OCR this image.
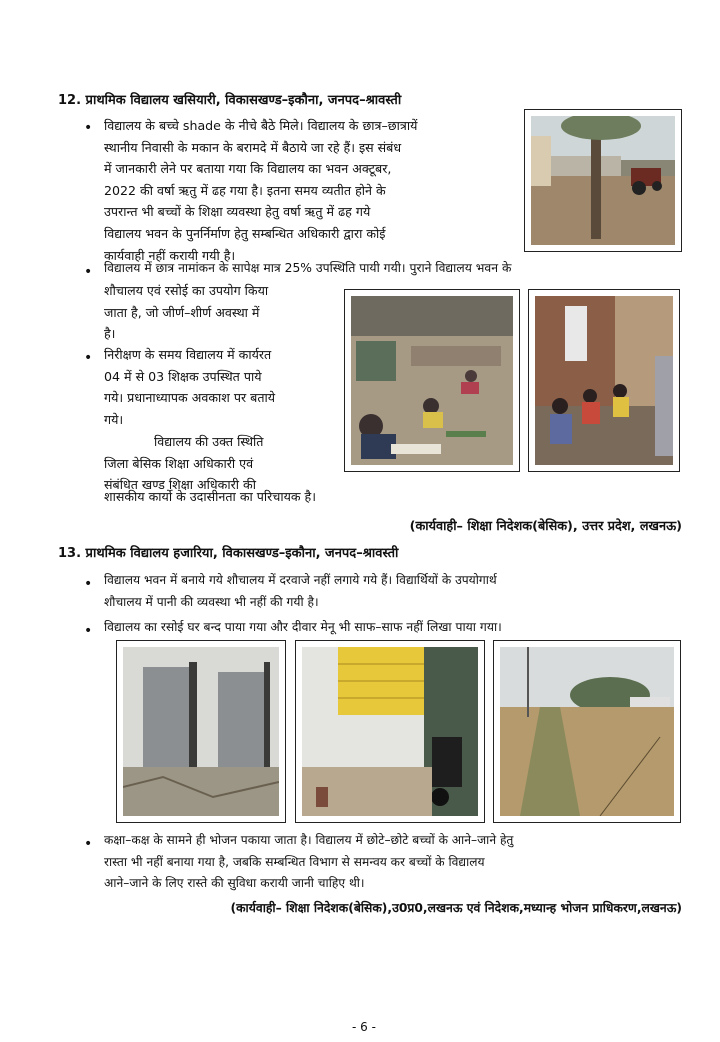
12. प्राथमिक विद्यालय खसियारी, विकासखण्ड–इकौना, जनपद–श्रावस्ती
• विद्यालय के बच्चे shade के नीचे बैठे मिले। विद्यालय के छात्र–छात्रायें
स्थानीय निवासी के मकान के बरामदे में बैठाये जा रहे हैं। इस संबंध
में जानकारी लेने पर बताया गया कि विद्यालय का भवन अक्टूबर,
2022 की वर्षा ऋतु में ढह गया है। इतना समय व्यतीत होने के
उपरान्त भी बच्चों के शिक्षा व्यवस्था हेतु वर्षा ऋतु में ढह गये
विद्यालय भवन के पुनर्निर्माण हेतु सम्बन्धित अधिकारी द्वारा कोई
कार्यवाही नहीं करायी गयी है।
• विद्यालय में छात्र नामांकन के सापेक्ष मात्र 25% उपस्थिति पायी गयी। पुराने विद्यालय भवन के
शौचालय एवं रसोई का उपयोग किया
जाता है, जो जीर्ण–शीर्ण अवस्था में
है।
• निरीक्षण के समय विद्यालय में कार्यरत
04 में से 03 शिक्षक उपस्थित पाये
गये। प्रधानाध्यापक अवकाश पर बताये
गये।
विद्यालय की उक्त स्थिति
जिला बेसिक शिक्षा अधिकारी एवं
संबंधित खण्ड शिक्षा अधिकारी की
शासकीय कार्यो के उदासीनता का परिचायक है।
(कार्यवाही– शिक्षा निदेशक(बेसिक), उत्तर प्रदेश, लखनऊ)
13. प्राथमिक विद्यालय हजारिया, विकासखण्ड–इकौना, जनपद–श्रावस्ती
• विद्यालय भवन में बनाये गये शौचालय में दरवाजे नहीं लगाये गये हैं। विद्यार्थियों के उपयोगार्थ
शौचालय में पानी की व्यवस्था भी नहीं की गयी है।
• विद्यालय का रसोई घर बन्द पाया गया और दीवार मेनू भी साफ–साफ नहीं लिखा पाया गया।
• कक्षा–कक्ष के सामने ही भोजन पकाया जाता है। विद्यालय में छोटे–छोटे बच्चों के आने–जाने हेतु
रास्ता भी नहीं बनाया गया है, जबकि सम्बन्धित विभाग से समन्वय कर बच्चों के विद्यालय
आने–जाने के लिए रास्ते की सुविधा करायी जानी चाहिए थी।
(कार्यवाही– शिक्षा निदेशक(बेसिक),उ0प्र0,लखनऊ एवं निदेशक,मध्यान्ह भोजन प्राधिकरण,लखनऊ)
- 6 -
